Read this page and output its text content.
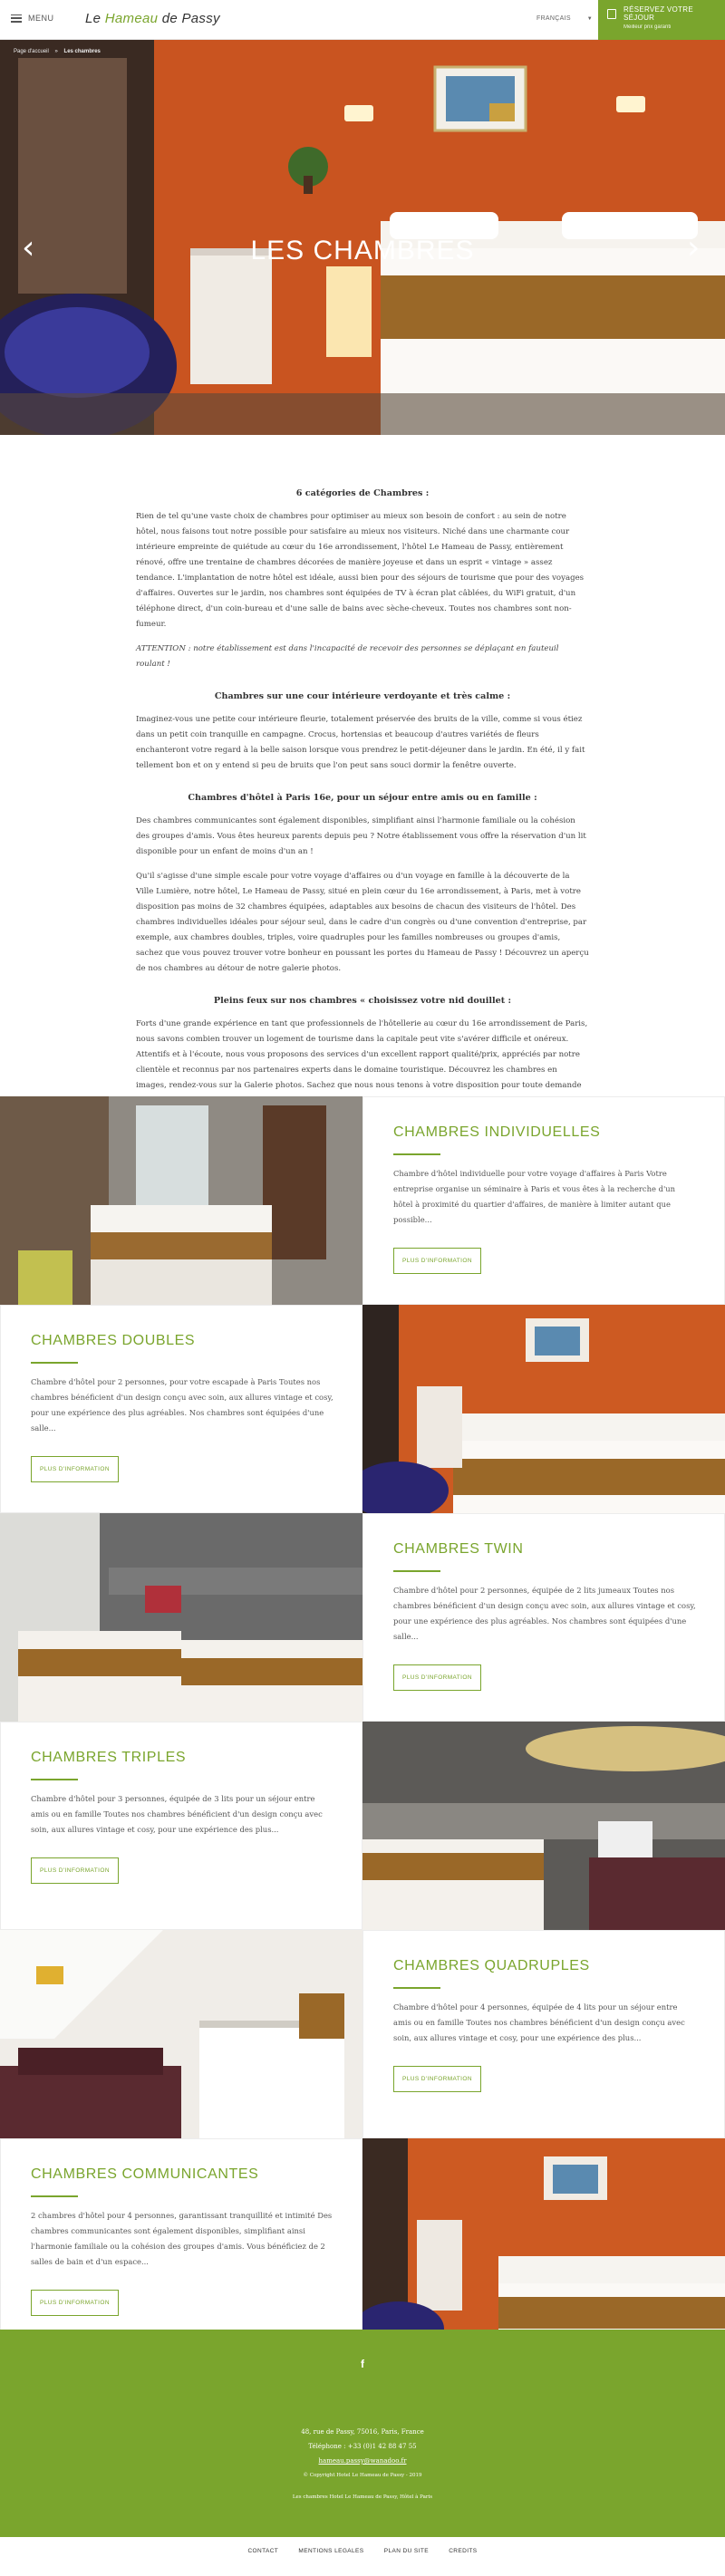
MENU Le Hameau de Passy	FRANÇAIS	▼
RÉSERVEZ VOTRE
SÉJOUR
Meilleur prix garanti
Page d'accueil » Les chambres
‹	›
LES CHAMBRES
6 catégories de Chambres :

Rien de tel qu'une vaste choix de chambres pour optimiser au mieux son besoin de confort : au sein de notre hôtel, nous faisons tout notre possible pour satisfaire au mieux nos visiteurs. Niché dans une charmante cour intérieure empreinte de quiétude au cœur du 16e arrondissement, l'hôtel Le Hameau de Passy, entièrement rénové, offre une trentaine de chambres décorées de manière joyeuse et dans un esprit « vintage » assez tendance. L'implantation de notre hôtel est idéale, aussi bien pour des séjours de tourisme que pour des voyages d'affaires. Ouvertes sur le jardin, nos chambres sont équipées de TV à écran plat câblées, du WiFi gratuit, d'un téléphone direct, d'un coin-bureau et d'une salle de bains avec sèche-cheveux. Toutes nos chambres sont non-fumeur.

ATTENTION : notre établissement est dans l'incapacité de recevoir des personnes se déplaçant en fauteuil roulant !

Chambres sur une cour intérieure verdoyante et très calme :

Imaginez-vous une petite cour intérieure fleurie, totalement préservée des bruits de la ville, comme si vous étiez dans un petit coin tranquille en campagne. Crocus, hortensias et beaucoup d'autres variétés de fleurs enchanteront votre regard à la belle saison lorsque vous prendrez le petit-déjeuner dans le jardin. En été, il y fait tellement bon et on y entend si peu de bruits que l'on peut sans souci dormir la fenêtre ouverte.

Chambres d'hôtel à Paris 16e, pour un séjour entre amis ou en famille :

Des chambres communicantes sont également disponibles, simplifiant ainsi l'harmonie familiale ou la cohésion des groupes d'amis. Vous êtes heureux parents depuis peu ? Notre établissement vous offre la réservation d'un lit disponible pour un enfant de moins d'un an !

Qu'il s'agisse d'une simple escale pour votre voyage d'affaires ou d'un voyage en famille à la découverte de la Ville Lumière, notre hôtel, Le Hameau de Passy, situé en plein cœur du 16e arrondissement, à Paris, met à votre disposition pas moins de 32 chambres équipées, adaptables aux besoins de chacun des visiteurs de l'hôtel. Des chambres individuelles idéales pour séjour seul, dans le cadre d'un congrès ou d'une convention d'entreprise, par exemple, aux chambres doubles, triples, voire quadruples pour les familles nombreuses ou groupes d'amis, sachez que vous pouvez trouver votre bonheur en poussant les portes du Hameau de Passy ! Découvrez un aperçu de nos chambres au détour de notre galerie photos.

Pleins feux sur nos chambres « choisissez votre nid douillet :

Forts d'une grande expérience en tant que professionnels de l'hôtellerie au cœur du 16e arrondissement de Paris, nous savons combien trouver un logement de tourisme dans la capitale peut vite s'avérer difficile et onéreux. Attentifs et à l'écoute, nous vous proposons des services d'un excellent rapport qualité/prix, appréciés par notre clientèle et reconnus par nos partenaires experts dans le domaine touristique. Découvrez les chambres en images, rendez-vous sur la Galerie photos. Sachez que nous nous tenons à votre disposition pour toute demande

CHAMBRES INDIVIDUELLES

Chambre d'hôtel individuelle pour votre voyage d'affaires à Paris Votre entreprise organise un séminaire à Paris et vous êtes à la recherche d'un hôtel à proximité du quartier d'affaires, de manière à limiter autant que possible...

PLUS D'INFORMATION
CHAMBRES DOUBLES

Chambre d'hôtel pour 2 personnes, pour votre escapade à Paris Toutes nos chambres bénéficient d'un design conçu avec soin, aux allures vintage et cosy, pour une expérience des plus agréables. Nos chambres sont équipées d'une salle...

PLUS D'INFORMATION
CHAMBRES TWIN

Chambre d'hôtel pour 2 personnes, équipée de 2 lits jumeaux Toutes nos chambres bénéficient d'un design conçu avec soin, aux allures vintage et cosy, pour une expérience des plus agréables. Nos chambres sont équipées d'une salle...

PLUS D'INFORMATION
CHAMBRES TRIPLES

Chambre d'hôtel pour 3 personnes, équipée de 3 lits pour un séjour entre amis ou en famille Toutes nos chambres bénéficient d'un design conçu avec soin, aux allures vintage et cosy, pour une expérience des plus...

PLUS D'INFORMATION
CHAMBRES QUADRUPLES

Chambre d'hôtel pour 4 personnes, équipée de 4 lits pour un séjour entre amis ou en famille Toutes nos chambres bénéficient d'un design conçu avec soin, aux allures vintage et cosy, pour une expérience des plus...

PLUS D'INFORMATION
CHAMBRES COMMUNICANTES

2 chambres d'hôtel pour 4 personnes, garantissant tranquillité et intimité Des chambres communicantes sont également disponibles, simplifiant ainsi l'harmonie familiale ou la cohésion des groupes d'amis. Vous bénéficiez de 2 salles de bain et d'un espace...

PLUS D'INFORMATION
f
48, rue de Passy, 75016, Paris, France
Téléphone : +33 (0)1 42 88 47 55
hameau.passy@wanadoo.fr
© Copyright Hotel Le Hameau de Passy - 2019
Les chambres Hotel Le Hameau de Passy, Hôtel à Paris
CONTACT	MENTIONS LEGALES	PLAN DU SITE	CREDITS
